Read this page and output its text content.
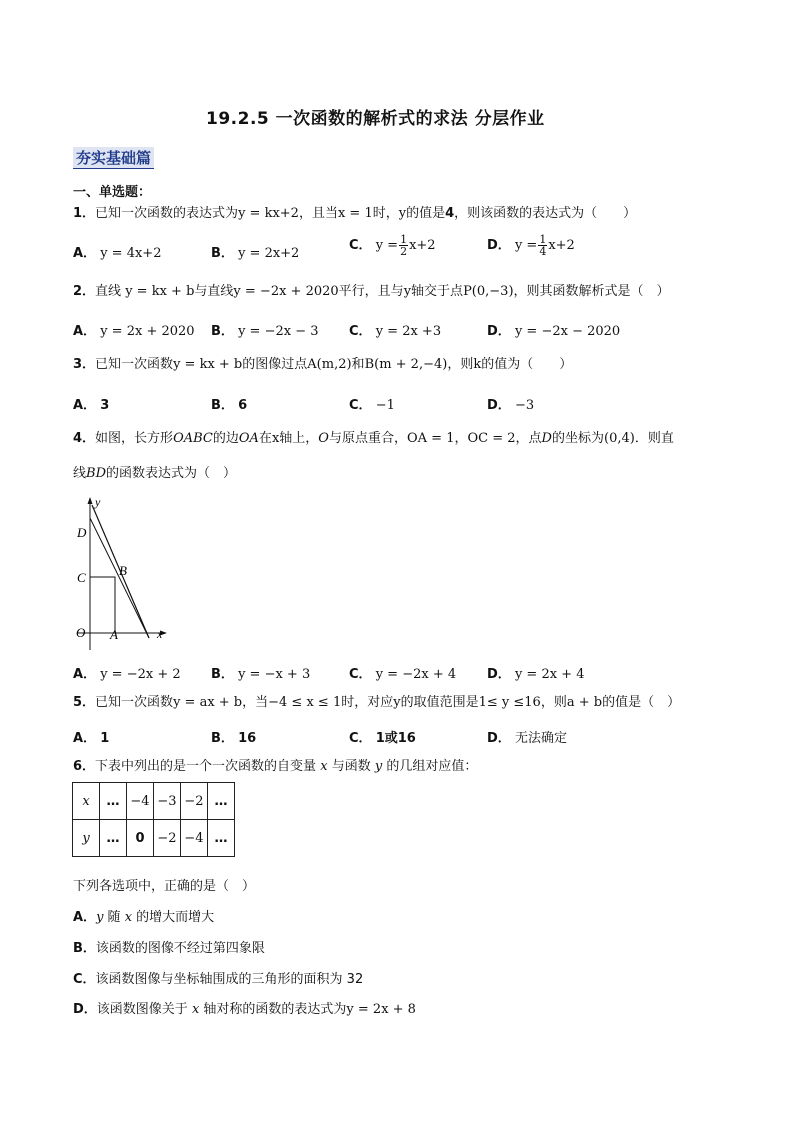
19.2.5 一次函数的解析式的求法 分层作业
夯实基础篇
一、单选题：
1．已知一次函数的表达式为y = kx+2，且当x = 1时，y的值是4，则该函数的表达式为（　　）
A． y = 4x+2	B． y = 2x+2
C． $y = \frac{1}{2} x+2$	D． $y = \frac{1}{4} x+2$
2．直线 y = kx + b与直线y = −2x + 2020平行，且与y轴交于点P(0,−3)，则其函数解析式是（　）
A． y = 2x + 2020 B． y = −2x − 3 C． y = 2x +3	D． y = −2x − 2020
3．已知一次函数y = kx + b的图像过点A(m,2)和B(m + 2,−4)，则k的值为（　　）
A． 3	B． 6	C． −1	D． −3
4．如图，长方形OABC的边OA在x轴上，O与原点重合，OA = 1，OC = 2，点D的坐标为(0,4)．则直
线BD的函数表达式为（　）
y
D
C	B
O A	x
A． y = −2x + 2 B． y = −x + 3	C． y = −2x + 4 D． y = 2x + 4
5．已知一次函数y = ax + b，当−4 ≤ x ≤ 1时，对应y的取值范围是1≤ y ≤16，则a + b的值是（　）
A． 1	B． 16	C． 1或16	D． 无法确定
6．下表中列出的是一个一次函数的自变量 x 与函数 y 的几组对应值：
x	…	−4	−3	−2	…
y	…	0	−2	−4	…
下列各选项中，正确的是（　）
A．y 随 x 的增大而增大
B．该函数的图像不经过第四象限
C．该函数图像与坐标轴围成的三角形的面积为 32
D．该函数图像关于 x 轴对称的函数的表达式为y = 2x + 8
